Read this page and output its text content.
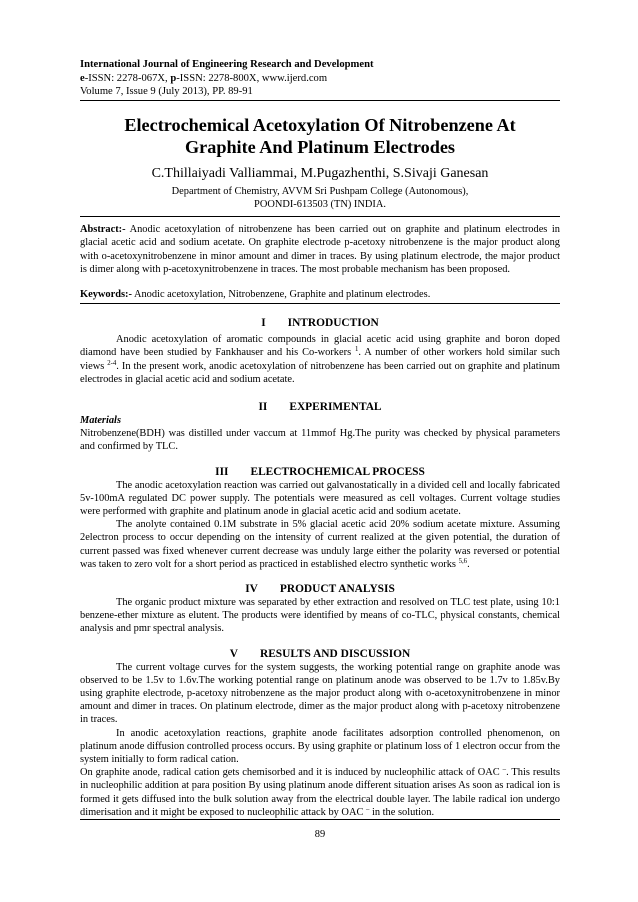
International Journal of Engineering Research and Development
e-ISSN: 2278-067X, p-ISSN: 2278-800X, www.ijerd.com
Volume 7, Issue 9 (July 2013), PP. 89-91
Electrochemical Acetoxylation Of Nitrobenzene At
Graphite And Platinum Electrodes
C.Thillaiyadi Valliammai, M.Pugazhenthi, S.Sivaji Ganesan
Department of Chemistry, AVVM Sri Pushpam College (Autonomous),
POONDI-613503 (TN) INDIA.

Abstract:- Anodic acetoxylation of nitrobenzene has been carried out on graphite and platinum electrodes in glacial acetic acid and sodium acetate. On graphite electrode p-acetoxy nitrobenzene is the major product along with o-acetoxynitrobenzene in minor amount and dimer in traces. By using platinum electrode, the major product is dimer along with p-acetoxynitrobenzene in traces. The most probable mechanism has been proposed.

Keywords:- Anodic acetoxylation, Nitrobenzene, Graphite and platinum electrodes.

I INTRODUCTION

Anodic acetoxylation of aromatic compounds in glacial acetic acid using graphite and boron doped diamond have been studied by Fankhauser and his Co-workers $^1$. A number of other workers hold similar such views $^{2-4}$. In the present work, anodic acetoxylation of nitrobenzene has been carried out on graphite and platinum electrodes in glacial acetic acid and sodium acetate.

II EXPERIMENTAL
Materials

Nitrobenzene(BDH) was distilled under vaccum at 11mmof Hg.The purity was checked by physical parameters and confirmed by TLC.

III ELECTROCHEMICAL PROCESS

The anodic acetoxylation reaction was carried out galvanostatically in a divided cell and locally fabricated 5v-100mA regulated DC power supply. The potentials were measured as cell voltages. Current voltage studies were performed with graphite and platinum anode in glacial acetic acid and sodium acetate.

The anolyte contained 0.1M substrate in 5% glacial acetic acid 20% sodium acetate mixture. Assuming 2electron process to occur depending on the intensity of current realized at the given potential, the duration of current passed was fixed whenever current decrease was unduly large either the polarity was reversed or potential was taken to zero volt for a short period as practiced in established electro synthetic works $^{5,6}$.

IV PRODUCT ANALYSIS

The organic product mixture was separated by ether extraction and resolved on TLC test plate, using 10:1 benzene-ether mixture as elutent. The products were identified by means of co-TLC, physical constants, chemical analysis and pmr spectral analysis.

V RESULTS AND DISCUSSION

The current voltage curves for the system suggests, the working potential range on graphite anode was observed to be 1.5v to 1.6v.The working potential range on platinum anode was observed to be 1.7v to 1.85v.By using graphite electrode, p-acetoxy nitrobenzene as the major product along with o-acetoxynitrobenzene in minor amount and dimer in traces. On platinum electrode, dimer as the major product along with p-acetoxy nitrobenzene in traces.

In anodic acetoxylation reactions, graphite anode facilitates adsorption controlled phenomenon, on platinum anode diffusion controlled process occurs. By using graphite or platinum loss of 1 electron occur from the system initially to form radical cation.

On graphite anode, radical cation gets chemisorbed and it is induced by nucleophilic attack of OAC –. This results in nucleophilic addition at para position By using platinum anode different situation arises As soon as radical ion is formed it gets diffused into the bulk solution away from the electrical double layer. The labile radical ion undergo dimerisation and it might be exposed to nucleophilic attack by OAC – in the solution.

89
